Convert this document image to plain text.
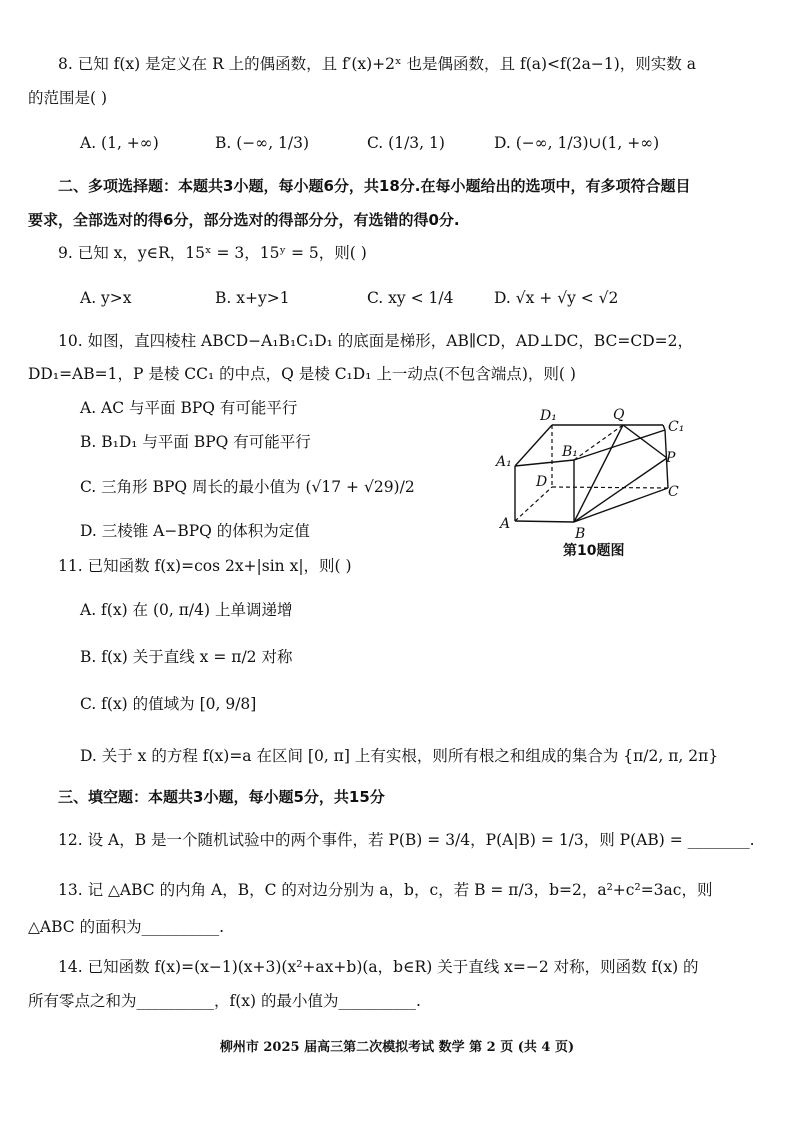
8. 已知 f(x) 是定义在 R 上的偶函数，且 f′(x)+2ˣ 也是偶函数，且 f(a)<f(2a−1)，则实数 a
的范围是( )
A. (1, +∞)	B. (−∞, 1/3)	C. (1/3, 1)	D. (−∞, 1/3)∪(1, +∞)
二、多项选择题：本题共3小题，每小题6分，共18分.在每小题给出的选项中，有多项符合题目
要求，全部选对的得6分，部分选对的得部分分，有选错的得0分.
9. 已知 x，y∈R，15ˣ = 3，15ʸ = 5，则( )
A. y>x	B. x+y>1	C. xy < 1/4	D. √x + √y < √2
10. 如图，直四棱柱 ABCD−A₁B₁C₁D₁ 的底面是梯形，AB∥CD，AD⊥DC，BC=CD=2，
DD₁=AB=1，P 是棱 CC₁ 的中点，Q 是棱 C₁D₁ 上一动点(不包含端点)，则( )
A. AC 与平面 BPQ 有可能平行
B. B₁D₁ 与平面 BPQ 有可能平行
C. 三角形 BPQ 周长的最小值为 (√17 + √29)/2
D. 三棱锥 A−BPQ 的体积为定值
D₁	Q
C₁
A₁
B₁	P
D
C
A
B
第10题图
11. 已知函数 f(x)=cos 2x+|sin x|，则( )
A. f(x) 在 (0, π/4) 上单调递增
B. f(x) 关于直线 x = π/2 对称
C. f(x) 的值域为 [0, 9/8]
D. 关于 x 的方程 f(x)=a 在区间 [0, π] 上有实根，则所有根之和组成的集合为 {π/2, π, 2π}
三、填空题：本题共3小题，每小题5分，共15分
12. 设 A，B 是一个随机试验中的两个事件，若 P(B) = 3/4，P(A|B) = 1/3，则 P(AB) = ________.
13. 记 △ABC 的内角 A，B，C 的对边分别为 a，b，c，若 B = π/3，b=2，a²+c²=3ac，则
△ABC 的面积为__________.
14. 已知函数 f(x)=(x−1)(x+3)(x²+ax+b)(a，b∈R) 关于直线 x=−2 对称，则函数 f(x) 的
所有零点之和为__________，f(x) 的最小值为__________.
柳州市 2025 届高三第二次模拟考试 数学 第 2 页 (共 4 页)
